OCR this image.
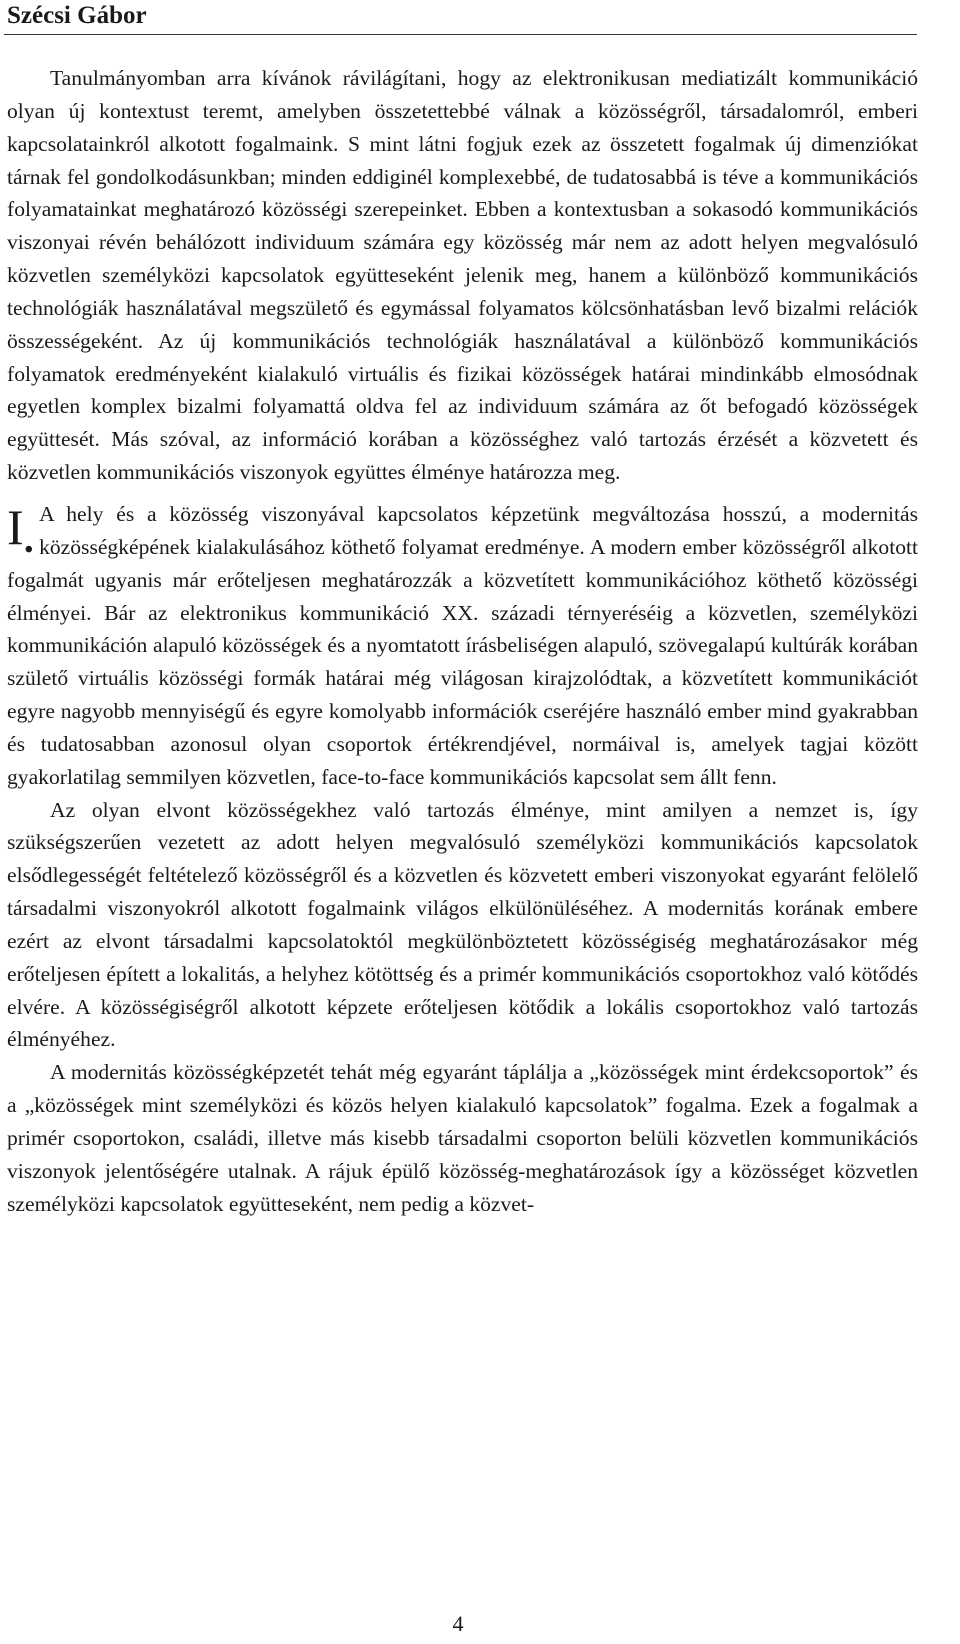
Szécsi Gábor

Tanulmányomban arra kívánok rávilágítani, hogy az elektronikusan mediatizált kommunikáció olyan új kontextust teremt, amelyben összetettebbé válnak a közösségről, társadalomról, emberi kapcsolatainkról alkotott fogalmaink. S mint látni fogjuk ezek az összetett fogalmak új dimenziókat tárnak fel gondolkodásunkban; minden eddiginél komplexebbé, de tudatosabbá is téve a kommunikációs folyamatainkat meghatározó közösségi szerepeinket. Ebben a kontextusban a sokasodó kommunikációs viszonyai révén behálózott individuum számára egy közösség már nem az adott helyen megvalósuló közvetlen személyközi kapcsolatok együtteseként jelenik meg, hanem a különböző kommunikációs technológiák használatával megszülető és egymással folyamatos kölcsönhatásban levő bizalmi relációk összességeként. Az új kommunikációs technológiák használatával a különböző kommunikációs folyamatok eredményeként kialakuló virtuális és fizikai közösségek határai mindinkább elmosódnak egyetlen komplex bizalmi folyamattá oldva fel az individuum számára az őt befogadó közösségek együttesét. Más szóval, az információ korában a közösséghez való tartozás érzését a közvetett és közvetlen kommunikációs viszonyok együttes élménye határozza meg.

I •
A hely és a közösség viszonyával kapcsolatos képzetünk megváltozása hosszú, a modernitás közösségképének kialakulásához köthető folyamat eredménye. A modern ember közösségről alkotott fogalmát ugyanis már erőteljesen meghatározzák a közvetített kommunikációhoz köthető közösségi élményei. Bár az elektronikus kommunikáció XX. századi térnyeréséig a közvetlen, személyközi kommunikáción alapuló közösségek és a nyomtatott írásbeliségen alapuló, szövegalapú kultúrák korában születő virtuális közösségi formák határai még világosan kirajzolódtak, a közvetített kommunikációt egyre nagyobb mennyiségű és egyre komolyabb információk cseréjére használó ember mind gyakrabban és tudatosabban azonosul olyan csoportok értékrendjével, normáival is, amelyek tagjai között gyakorlatilag semmilyen közvetlen, face-to-face kommunikációs kapcsolat sem állt fenn.

Az olyan elvont közösségekhez való tartozás élménye, mint amilyen a nemzet is, így szükségszerűen vezetett az adott helyen megvalósuló személyközi kommunikációs kapcsolatok elsődlegességét feltételező közösségről és a közvetlen és közvetett emberi viszonyokat egyaránt felölelő társadalmi viszonyokról alkotott fogalmaink világos elkülönüléséhez. A modernitás korának embere ezért az elvont társadalmi kapcsolatoktól megkülönböztetett közösségiség meghatározásakor még erőteljesen épített a lokalitás, a helyhez kötöttség és a primér kommunikációs csoportokhoz való kötődés elvére. A közösségiségről alkotott képzete erőteljesen kötődik a lokális csoportokhoz való tartozás élményéhez.

A modernitás közösségképzetét tehát még egyaránt táplálja a „közösségek mint érdekcsoportok” és a „közösségek mint személyközi és közös helyen kialakuló kapcsolatok” fogalma. Ezek a fogalmak a primér csoportokon, családi, illetve más kisebb társadalmi csoporton belüli közvetlen kommunikációs viszonyok jelentőségére utalnak. A rájuk épülő közösség-meghatározások így a közösséget közvetlen személyközi kapcsolatok együtteseként, nem pedig a közvet-

4
